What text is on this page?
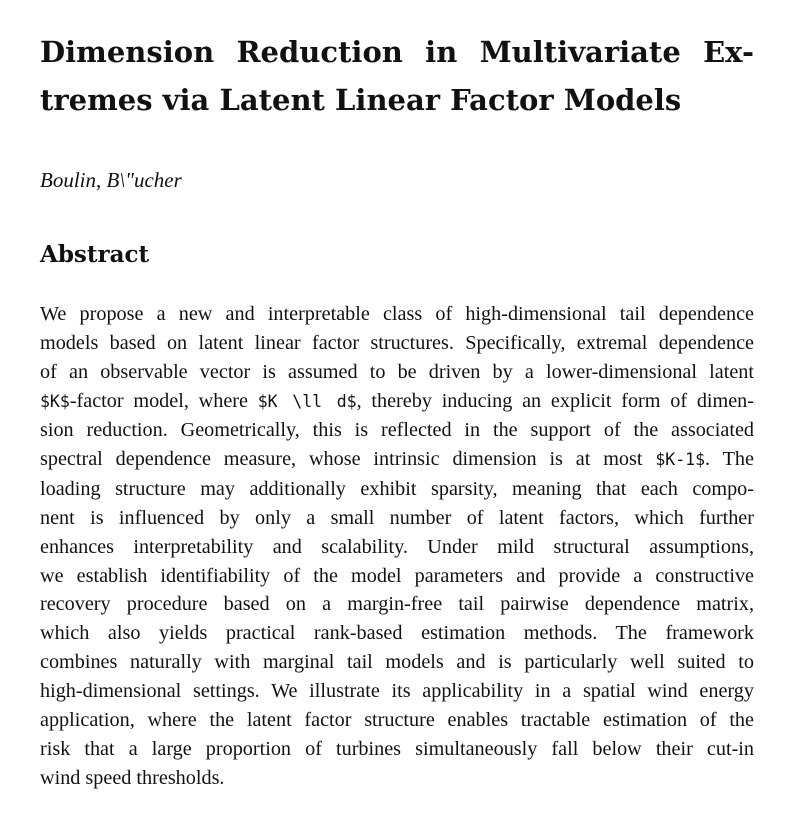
Dimension Reduction in Multivariate Ex-
tremes via Latent Linear Factor Models
Boulin, B\"ucher
Abstract
We propose a new and interpretable class of high-dimensional tail dependence
models based on latent linear factor structures. Specifically, extremal dependence
of an observable vector is assumed to be driven by a lower-dimensional latent
$K$-factor model, where $K \ll d$, thereby inducing an explicit form of dimen-
sion reduction. Geometrically, this is reflected in the support of the associated
spectral dependence measure, whose intrinsic dimension is at most $K-1$. The
loading structure may additionally exhibit sparsity, meaning that each compo-
nent is influenced by only a small number of latent factors, which further
enhances interpretability and scalability. Under mild structural assumptions,
we establish identifiability of the model parameters and provide a constructive
recovery procedure based on a margin-free tail pairwise dependence matrix,
which also yields practical rank-based estimation methods. The framework
combines naturally with marginal tail models and is particularly well suited to
high-dimensional settings. We illustrate its applicability in a spatial wind energy
application, where the latent factor structure enables tractable estimation of the
risk that a large proportion of turbines simultaneously fall below their cut-in
wind speed thresholds.
